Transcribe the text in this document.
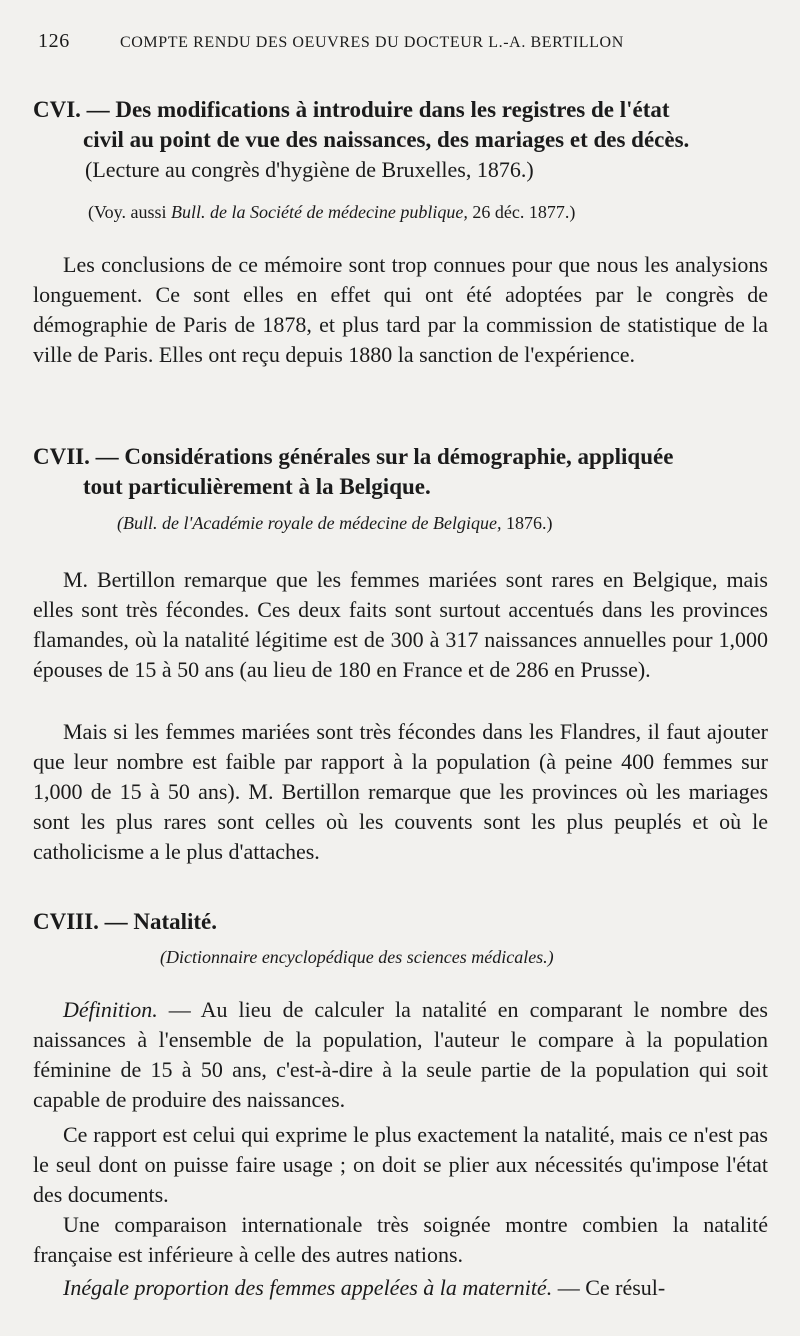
126	COMPTE RENDU DES OEUVRES DU DOCTEUR L.-A. BERTILLON
CVI. — Des modifications à introduire dans les registres de l'état
civil au point de vue des naissances, des mariages et des décès.
(Lecture au congrès d'hygiène de Bruxelles, 1876.)
(Voy. aussi Bull. de la Société de médecine publique, 26 déc. 1877.)
Les conclusions de ce mémoire sont trop connues pour que nous les analysions longuement. Ce sont elles en effet qui ont été adoptées par le congrès de démographie de Paris de 1878, et plus tard par la commission de statistique de la ville de Paris. Elles ont reçu depuis 1880 la sanction de l'expérience.
CVII. — Considérations générales sur la démographie, appliquée
tout particulièrement à la Belgique.
(Bull. de l'Académie royale de médecine de Belgique, 1876.)
M. Bertillon remarque que les femmes mariées sont rares en Belgique, mais elles sont très fécondes. Ces deux faits sont surtout accentués dans les provinces flamandes, où la natalité légitime est de 300 à 317 naissances annuelles pour 1,000 épouses de 15 à 50 ans (au lieu de 180 en France et de 286 en Prusse).
Mais si les femmes mariées sont très fécondes dans les Flandres, il faut ajouter que leur nombre est faible par rapport à la population (à peine 400 femmes sur 1,000 de 15 à 50 ans). M. Bertillon remarque que les provinces où les mariages sont les plus rares sont celles où les couvents sont les plus peuplés et où le catholicisme a le plus d'attaches.
CVIII. — Natalité.
(Dictionnaire encyclopédique des sciences médicales.)
Définition. — Au lieu de calculer la natalité en comparant le nombre des naissances à l'ensemble de la population, l'auteur le compare à la population féminine de 15 à 50 ans, c'est-à-dire à la seule partie de la population qui soit capable de produire des naissances.
Ce rapport est celui qui exprime le plus exactement la natalité, mais ce n'est pas le seul dont on puisse faire usage ; on doit se plier aux nécessités qu'impose l'état des documents.
Une comparaison internationale très soignée montre combien la natalité française est inférieure à celle des autres nations.
Inégale proportion des femmes appelées à la maternité. — Ce résul-
